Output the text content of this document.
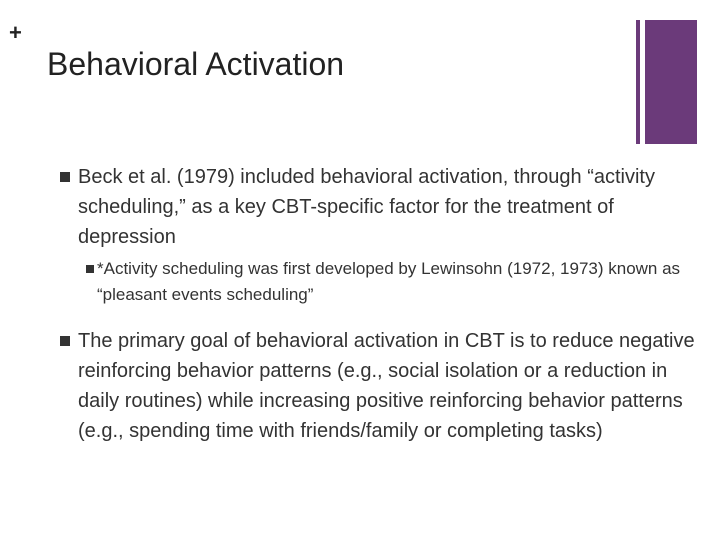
+
Behavioral Activation
Beck et al. (1979) included behavioral activation, through “activity scheduling,” as a key CBT-specific factor for the treatment of depression
*Activity scheduling was first developed by Lewinsohn (1972, 1973) known as “pleasant events scheduling”
The primary goal of behavioral activation in CBT is to reduce negative reinforcing behavior patterns (e.g., social isolation or a reduction in daily routines) while increasing positive reinforcing behavior patterns (e.g., spending time with friends/family or completing tasks)
